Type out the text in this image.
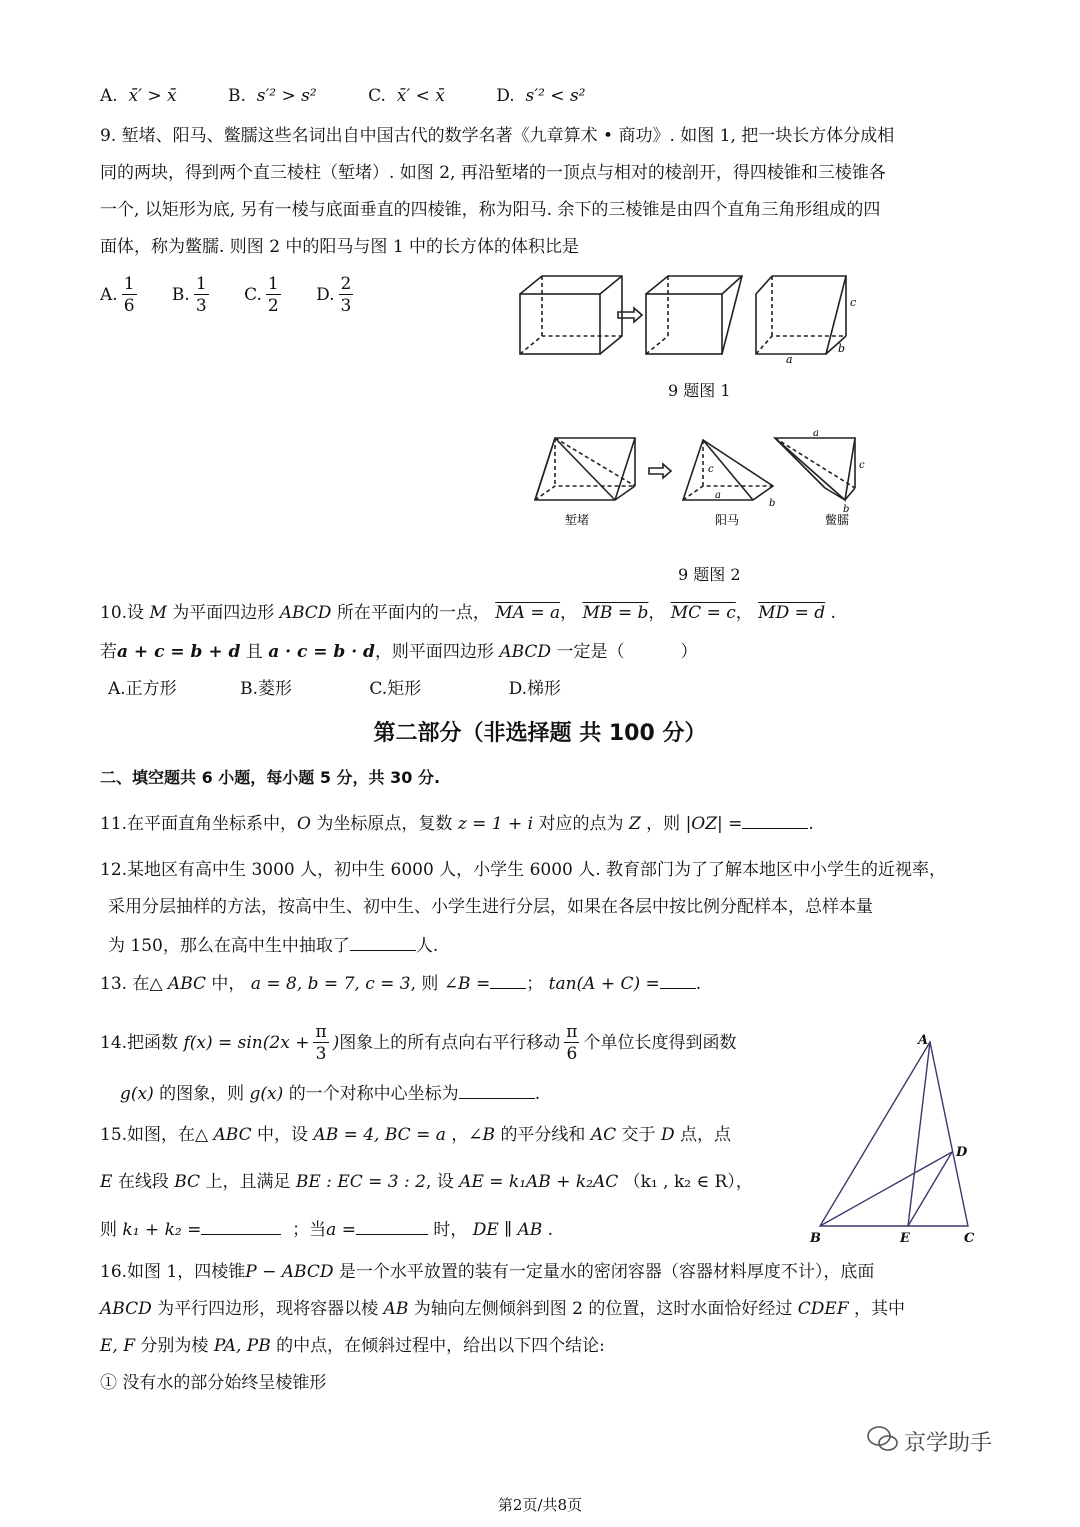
A. x̄′ > x̄	B. s′² > s²	C. x̄′ < x̄	D. s′² < s²
9. 堑堵、阳马、鳖臑这些名词出自中国古代的数学名著《九章算术 • 商功》. 如图 1, 把一块长方体分成相
同的两块，得到两个直三棱柱（堑堵）. 如图 2, 再沿堑堵的一顶点与相对的棱剖开，得四棱锥和三棱锥各
一个, 以矩形为底, 另有一棱与底面垂直的四棱锥，称为阳马. 余下的三棱锥是由四个直角三角形组成的四
面体，称为鳖臑. 则图 2 中的阳马与图 1 中的长方体的体积比是
A. $\frac{1}{6} B$. $\frac{1}{3} C$. $\frac{1}{2} D$. $\frac{2}{3}$
a
b
c
9 题图 1
c
a
b
a
c
b
堑堵	阳马	鳖臑
9 题图 2
10.设 M 为平面四边形 ABCD 所在平面内的一点， MA = a， MB = b， MC = c， MD = d .
若a + c = b + d 且 a · c = b · d，则平面四边形 ABCD 一定是（	）
A.正方形	B.菱形	C.矩形	D.梯形
第二部分（非选择题 共 100 分）
二、填空题共 6 小题，每小题 5 分，共 30 分.
11.在平面直角坐标系中，O 为坐标原点，复数 z = 1 + i 对应的点为 Z ，则 |OZ| =	.
12.某地区有高中生 3000 人，初中生 6000 人，小学生 6000 人. 教育部门为了了解本地区中小学生的近视率，
采用分层抽样的方法，按高中生、初中生、小学生进行分层，如果在各层中按比例分配样本，总样本量
为 150，那么在高中生中抽取了	人.
13. 在△ ABC 中， a = 8, b = 7, c = 3, 则 ∠B = ； tan(A + C) = .
14.把函数 $f(x) = \sin(2x + \frac{\pi}{3}$ )图象上的所有点向右平行移动 $\frac{\pi}{6}$ 个单位长度得到函数
g(x) 的图象，则 g(x) 的一个对称中心坐标为	.
15.如图，在△ ABC 中，设 AB = 4, BC = a ，∠B 的平分线和 AC 交于 D 点，点
E 在线段 BC 上，且满足 BE : EC = 3 : 2, 设 AE = k₁AB + k₂AC （k₁ , k₂ ∈ R），
则 k₁ + k₂ =	；当a =	时， DE ∥ AB .
A
B	C
D
E
16.如图 1，四棱锥P − ABCD 是一个水平放置的装有一定量水的密闭容器（容器材料厚度不计），底面
ABCD 为平行四边形，现将容器以棱 AB 为轴向左侧倾斜到图 2 的位置，这时水面恰好经过 CDEF ，其中
E, F 分别为棱 PA, PB 的中点，在倾斜过程中，给出以下四个结论:
① 没有水的部分始终呈棱锥形
京学助手
第2页/共8页
